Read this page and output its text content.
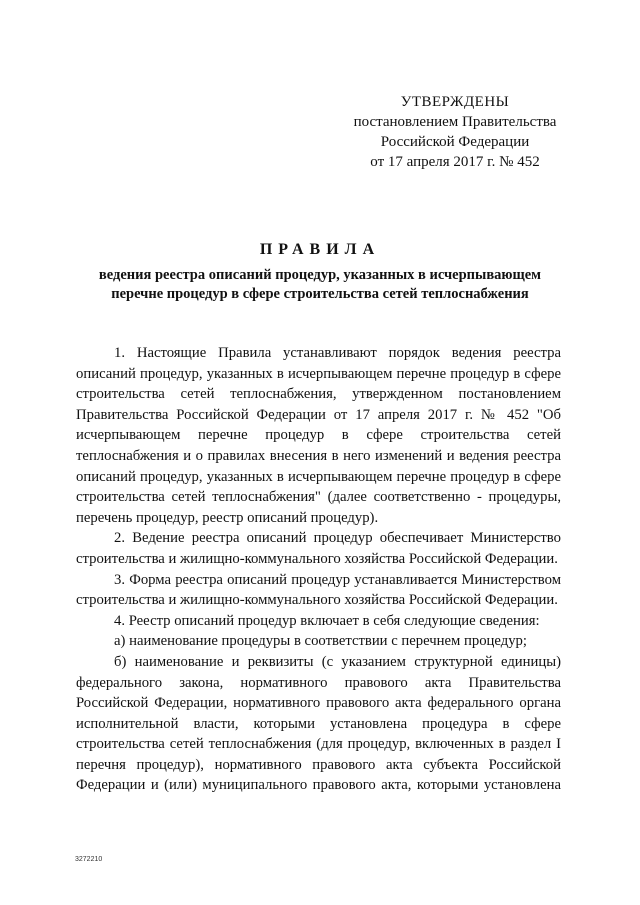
УТВЕРЖДЕНЫ
постановлением Правительства
Российской Федерации
от 17 апреля 2017 г. № 452
ПРАВИЛА
ведения реестра описаний процедур, указанных в исчерпывающем
перечне процедур в сфере строительства сетей теплоснабжения

1. Настоящие Правила устанавливают порядок ведения реестра описаний процедур, указанных в исчерпывающем перечне процедур в сфере строительства сетей теплоснабжения, утвержденном постановлением Правительства Российской Федерации от 17 апреля 2017 г. № 452 "Об исчерпывающем перечне процедур в сфере строительства сетей теплоснабжения и о правилах внесения в него изменений и ведения реестра описаний процедур, указанных в исчерпывающем перечне процедур в сфере строительства сетей теплоснабжения" (далее соответственно - процедуры, перечень процедур, реестр описаний процедур).

2. Ведение реестра описаний процедур обеспечивает Министерство строительства и жилищно-коммунального хозяйства Российской Федерации.

3. Форма реестра описаний процедур устанавливается Министерством строительства и жилищно-коммунального хозяйства Российской Федерации.

4. Реестр описаний процедур включает в себя следующие сведения:

а) наименование процедуры в соответствии с перечнем процедур;

б) наименование и реквизиты (с указанием структурной единицы) федерального закона, нормативного правового акта Правительства Российской Федерации, нормативного правового акта федерального органа исполнительной власти, которыми установлена процедура в сфере строительства сетей теплоснабжения (для процедур, включенных в раздел I перечня процедур), нормативного правового акта субъекта Российской Федерации и (или) муниципального правового акта, которыми установлена

3272210
